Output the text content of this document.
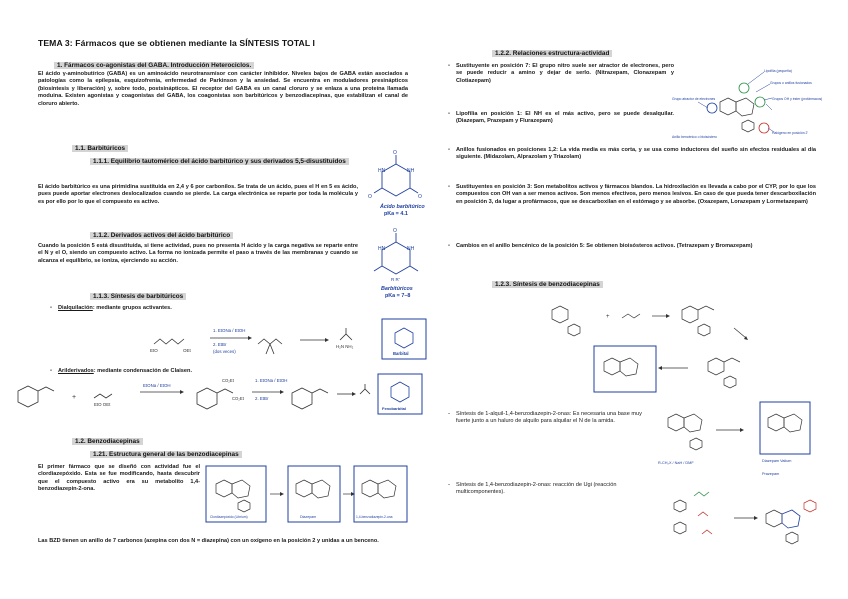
TEMA 3: Fármacos que se obtienen mediante la SÍNTESIS TOTAL I
1. Fármacos co-agonistas del GABA. Introducción Heterociclos.
El ácido γ-aminobutírico (GABA) es un aminoácido neurotransmisor con carácter inhibidor. Niveles bajos de GABA están asociados a patologías como la epilepsia, esquizofrenia, enfermedad de Parkinson y la ansiedad. Se encuentra en moduladores presinápticos (biosíntesis y liberación) y, sobre todo, postsinápticos. El receptor del GABA es un canal cloruro y se enlaza a una proteína llamada moduina. Existen agonistas y coagonistas del GABA, los coagonistas son barbitúricos y benzodiacepinas, que estabilizan el canal de cloruro abierto.
1.1. Barbitúricos
1.1.1. Equilibrio tautomérico del ácido barbitúrico y sus derivados 5,5-disustituidos
El ácido barbitúrico es una pirimidina sustituida en 2,4 y 6 por carbonilos. Se trata de un ácido, pues el H en 5 es ácido, pues puede aportar electrones deslocalizados cuando se pierde. La carga electrónica se reparte por toda la molécula y es por ello por lo que el compuesto es activo.
O
NH
HN
O
O
Ácido barbitúrico
pKa = 4.1
1.1.2. Derivados activos del ácido barbitúrico
Cuando la posición 5 está disustituida, si tiene actividad, pues no presenta H ácido y la carga negativa se reparte entre el N y el O, siendo un compuesto activo. La forma no ionizada permite el paso a través de las membranas y cuando se alcanza el equilibrio, se ioniza, ejerciendo su acción.
O
NH
HN
R R'
Barbitúricos
pKa = 7–8
1.1.3. Síntesis de barbitúricos
- Dialquilación: mediante grupos activantes.
EtO	OEt
1. EtONa / EtOH
2. EtBr
(dos veces)
H₂N NH₂
Barbital
- Arilderivados: mediante condensación de Claisen.
+
EtO OEt
EtONa / EtOH
CO₂Et
CO₂Et
1. EtONa / EtOH
2. EtBr
Fenobarbital
1.2. Benzodiacepinas
1.21. Estructura general de las benzodiacepinas
El primer fármaco que se diseñó con actividad fue el clordiazepóxido. Esta se fue modificando, hasta descubrir que el compuesto activo era su metabolito 1,4-benzodiazepin-2-ona.
Clordiazepóxido (Librium)	Diazepam	1,4-benzodiazepin-2-ona
Las BZD tienen un anillo de 7 carbonos (azepina con dos N = diazepina) con un oxígeno en la posición 2 y unidas a un benceno.
1.2.2. Relaciones estructura-actividad
- Sustituyente en posición 7: El grupo nitro suele ser atractor de electrones, pero se puede reducir a amino y dejar de serlo. (Nitrazepam, Clonazepam y Clotiazepam)
- Lipofilia en posición 1: El NH es el más activo, pero se puede desalquilar. (Diazepam, Prazepam y Flurazepam)
- Anillos fusionados en posiciones 1,2: La vida media es más corta, y se usa como inductores del sueño sin efectos residuales al día siguiente. (Midazolam, Alprazolam y Triazolam)
- Sustituyentes en posición 3: Son metabolitos activos y fármacos blandos. La hidroxilación es llevada a cabo por el CYP, por lo que los compuestos con OH van a ser menos activos. Son menos efectivos, pero menos lesivos. En caso de que pueda tener descarboxilación en posición 3, da lugar a profármacos, que se descarboxilan en el estómago y se absorbe. (Oxazepam, Lorazepam y Lormetazepam)
- Cambios en el anillo bencénico de la posición 5: Se obtienen bioisósteros activos. (Tetrazepam y Bromazepam)
Lipofilia (pequeña)
Grupos o anillos fusionados
Grupos OH y éster (profármacos)
Grupo atractor de electrones
Anillo bencénico o bioisóstero
Halógeno en posición 2'
1.2.3. Síntesis de benzodiacepinas
+
- Síntesis de 1-alquil-1,4-benzodiazepin-2-onas: Es necesaria una base muy fuerte junto a un haluro de alquilo para alquilar el N de la amida.
R-CH₂X / NaH / DMF	Diazepam Valium
Prazepam
- Síntesis de 1,4-benzodiazepin-2-onas: reacción de Ugi (reacción multicomponentes).
